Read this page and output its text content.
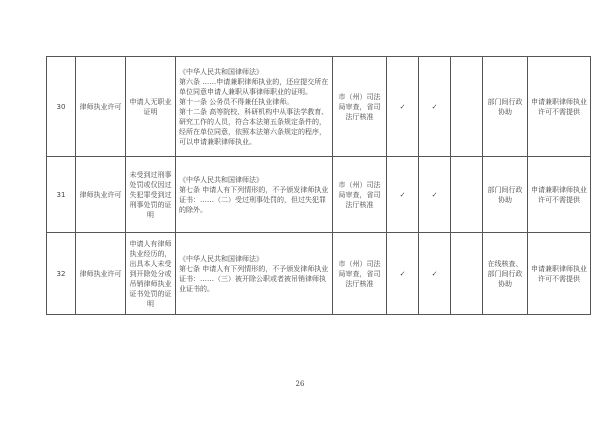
30	律师执业许可	申请人无职业证明	《中华人民共和国律师法》
第六条 ……申请兼职律师执业的，还应提交所在单位同意申请人兼职从事律师职业的证明。
第十一条 公务员不得兼任执业律师。
第十二条 高等院校、科研机构中从事法学教育、研究工作的人员，符合本法第五条规定条件的，经所在单位同意，依照本法第六条规定的程序，可以申请兼职律师执业。	市（州）司法局审查，省司法厅核准	✓	✓		部门间行政协助	申请兼职律师执业许可不需提供
31	律师执业许可	未受到过刑事处罚或仅因过失犯罪受到过刑事处罚的证明	《中华人民共和国律师法》
第七条 申请人有下列情形的，不予颁发律师执业证书：……（二）受过刑事处罚的，但过失犯罪的除外。	市（州）司法局审查，省司法厅核准	✓	✓		部门间行政协助	申请兼职律师执业许可不需提供
32	律师执业许可	申请人有律师执业经历的，出具本人未受到开除处分或吊销律师执业证书处罚的证明	《中华人民共和国律师法》
第七条 申请人有下列情形的，不予颁发律师执业证书：……（三）被开除公职或者被吊销律师执业证书的。	市（州）司法局审查，省司法厅核准	✓	✓		在线核查、部门间行政协助	申请兼职律师执业许可不需提供
26
